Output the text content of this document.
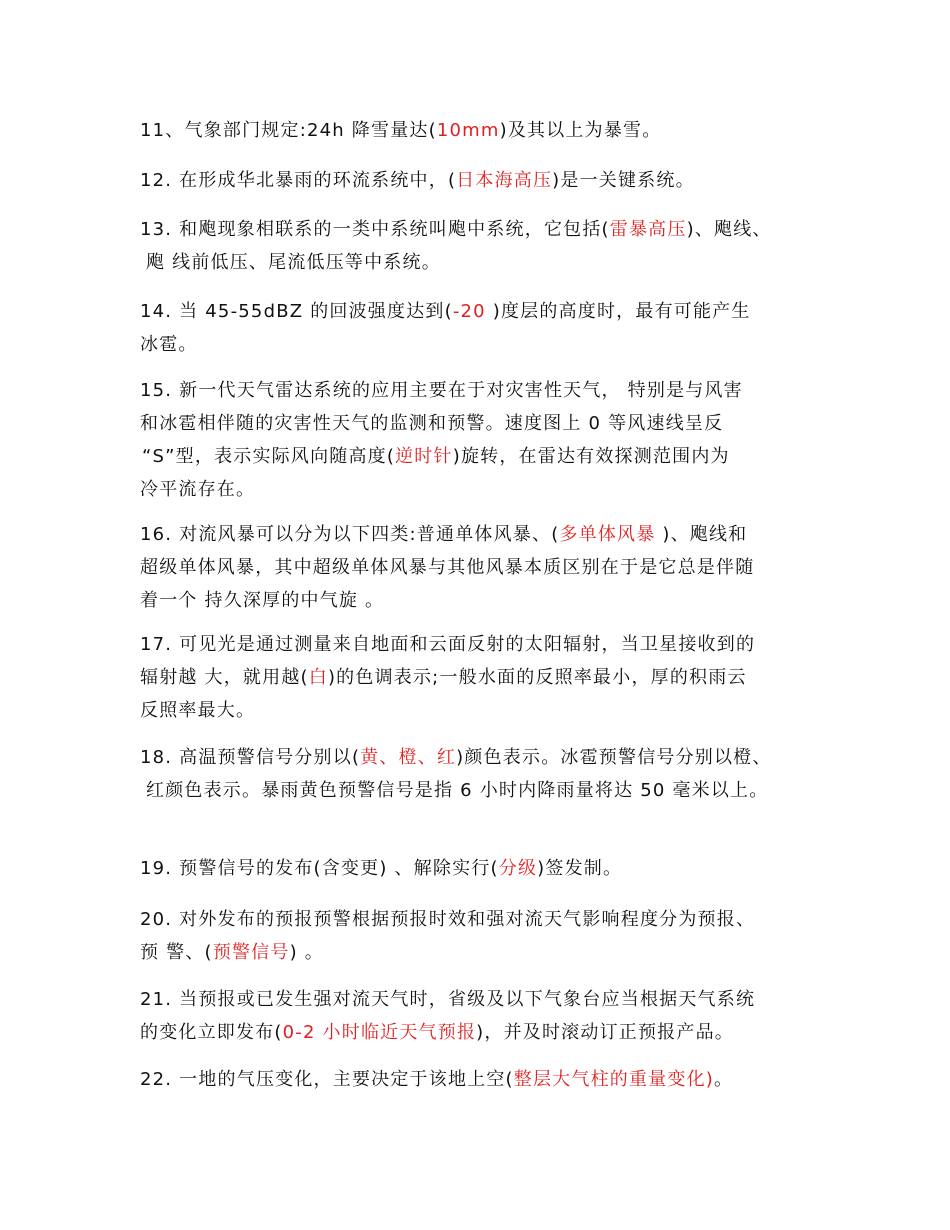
11、气象部门规定:24h 降雪量达(10mm)及其以上为暴雪。
12. 在形成华北暴雨的环流系统中，(日本海高压)是一关键系统。
13. 和飑现象相联系的一类中系统叫飑中系统，它包括(雷暴高压)、飑线、
飑 线前低压、尾流低压等中系统。
14. 当 45-55dBZ 的回波强度达到(-20 )度层的高度时，最有可能产生
冰雹。
15. 新一代天气雷达系统的应用主要在于对灾害性天气， 特别是与风害
和冰雹相伴随的灾害性天气的监测和预警。速度图上 0 等风速线呈反
“S”型，表示实际风向随高度(逆时针)旋转，在雷达有效探测范围内为
冷平流存在。
16. 对流风暴可以分为以下四类:普通单体风暴、(多单体风暴 )、飑线和
超级单体风暴，其中超级单体风暴与其他风暴本质区别在于是它总是伴随
着一个 持久深厚的中气旋 。
17. 可见光是通过测量来自地面和云面反射的太阳辐射，当卫星接收到的
辐射越 大，就用越(白)的色调表示;一般水面的反照率最小，厚的积雨云
反照率最大。
18. 高温预警信号分别以(黄、橙、红)颜色表示。冰雹预警信号分别以橙、
红颜色表示。暴雨黄色预警信号是指 6 小时内降雨量将达 50 毫米以上。
19. 预警信号的发布(含变更) 、解除实行(分级)签发制。
20. 对外发布的预报预警根据预报时效和强对流天气影响程度分为预报、
预 警、(预警信号) 。
21. 当预报或已发生强对流天气时，省级及以下气象台应当根据天气系统
的变化立即发布(0-2 小时临近天气预报)，并及时滚动订正预报产品。
22. 一地的气压变化，主要决定于该地上空(整层大气柱的重量变化)。
